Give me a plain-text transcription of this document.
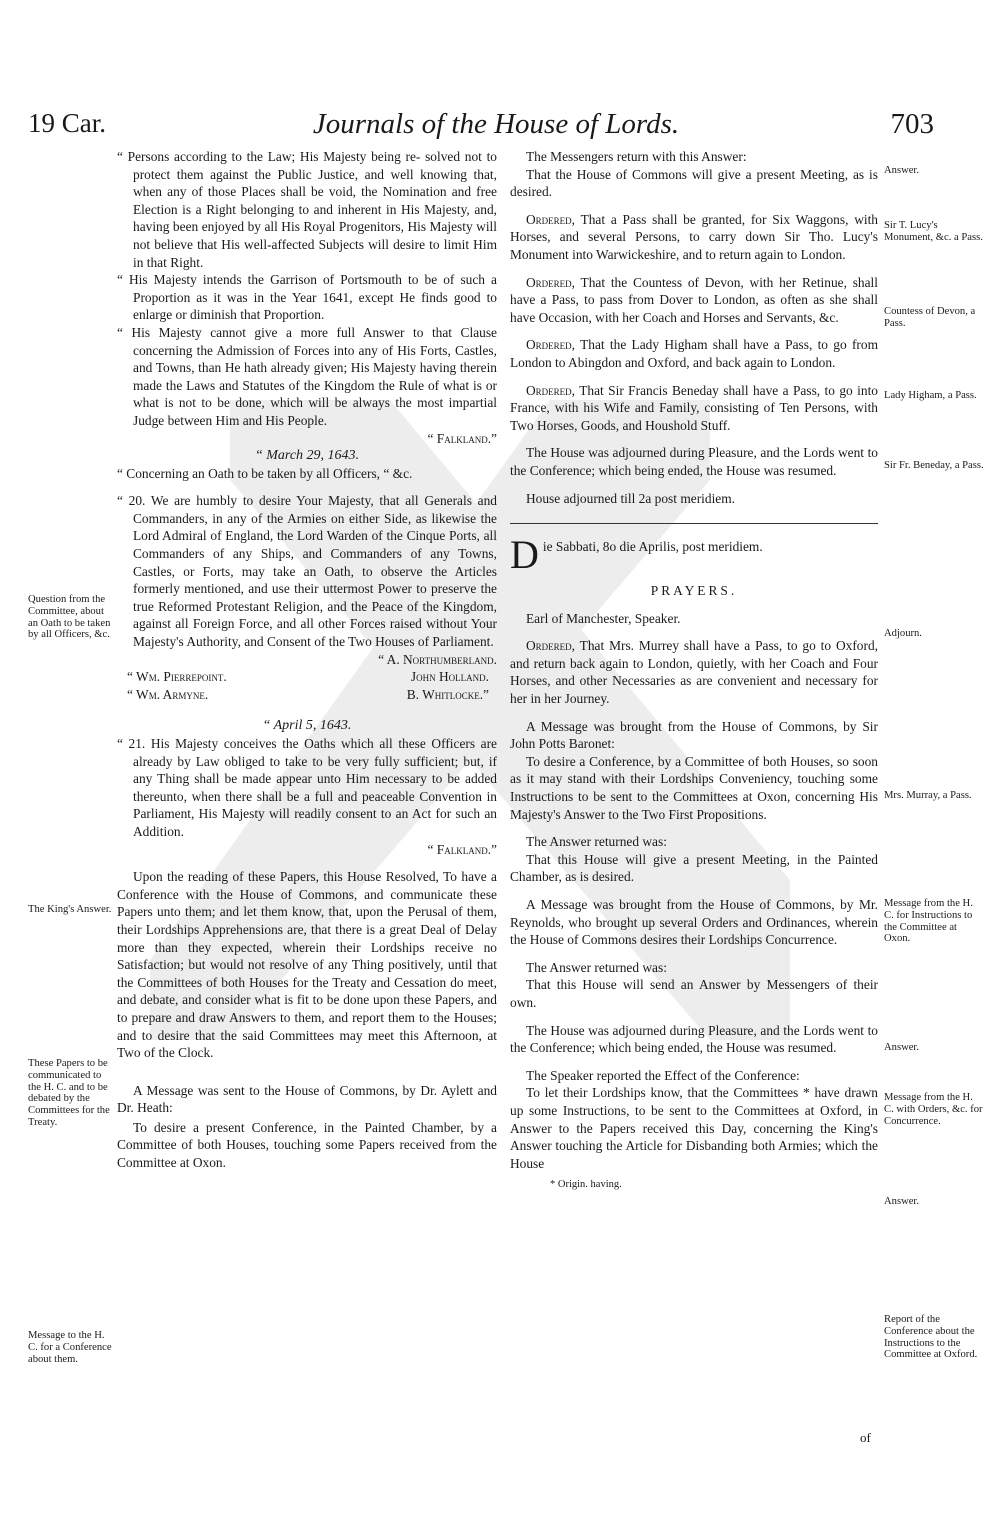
19 Car.	Journals of the House of Lords.	703

“ Persons according to the Law; His Majesty being re- solved not to protect them against the Public Justice, and well knowing that, when any of those Places shall be void, the Nomination and free Election is a Right belonging to and inherent in His Majesty, and, having been enjoyed by all His Royal Progenitors, His Majesty will not believe that His well-affected Subjects will desire to limit Him in that Right.

“ His Majesty intends the Garrison of Portsmouth to be of such a Proportion as it was in the Year 1641, except He finds good to enlarge or diminish that Proportion.

“ His Majesty cannot give a more full Answer to that Clause concerning the Admission of Forces into any of His Forts, Castles, and Towns, than He hath already given; His Majesty having therein made the Laws and Statutes of the Kingdom the Rule of what is or what is not to be done, which will be always the most impartial Judge between Him and His People.

“ Falkland.”

“ March 29, 1643.

“ Concerning an Oath to be taken by all Officers, “ &c.

“ 20. We are humbly to desire Your Majesty, that all Generals and Commanders, in any of the Armies on either Side, as likewise the Lord Admiral of England, the Lord Warden of the Cinque Ports, all Commanders of any Ships, and Commanders of any Towns, Castles, or Forts, may take an Oath, to observe the Articles formerly mentioned, and use their uttermost Power to preserve the true Reformed Protestant Religion, and the Peace of the Kingdom, against all Foreign Force, and all other Forces raised without Your Majesty's Authority, and Consent of the Two Houses of Parliament.

“ A. Northumberland.

“ Wm. Pierrepoint.	John Holland.
“ Wm. Armyne.	B. Whitlocke.”

“ April 5, 1643.

“ 21. His Majesty conceives the Oaths which all these Officers are already by Law obliged to take to be very fully sufficient; but, if any Thing shall be made appear unto Him necessary to be added thereunto, when there shall be a full and peaceable Convention in Parliament, His Majesty will readily consent to an Act for such an Addition.

“ Falkland.”

Upon the reading of these Papers, this House Resolved, To have a Conference with the House of Commons, and communicate these Papers unto them; and let them know, that, upon the Perusal of them, their Lordships Apprehensions are, that there is a great Deal of Delay more than they expected, wherein their Lordships receive no Satisfaction; but would not resolve of any Thing positively, until that the Committees of both Houses for the Treaty and Cessation do meet, and debate, and consider what is fit to be done upon these Papers, and to prepare and draw Answers to them, and report them to the Houses; and to desire that the said Committees may meet this Afternoon, at Two of the Clock.

A Message was sent to the House of Commons, by Dr. Aylett and Dr. Heath:

To desire a present Conference, in the Painted Chamber, by a Committee of both Houses, touching some Papers received from the Committee at Oxon.

The Messengers return with this Answer:

That the House of Commons will give a present Meeting, as is desired.

Ordered, That a Pass shall be granted, for Six Waggons, with Horses, and several Persons, to carry down Sir Tho. Lucy's Monument into Warwickeshire, and to return again to London.

Ordered, That the Countess of Devon, with her Retinue, shall have a Pass, to pass from Dover to London, as often as she shall have Occasion, with her Coach and Horses and Servants, &c.

Ordered, That the Lady Higham shall have a Pass, to go from London to Abingdon and Oxford, and back again to London.

Ordered, That Sir Francis Beneday shall have a Pass, to go into France, with his Wife and Family, consisting of Ten Persons, with Two Horses, Goods, and Houshold Stuff.

The House was adjourned during Pleasure, and the Lords went to the Conference; which being ended, the House was resumed.

House adjourned till 2a post meridiem.

Die Sabbati, 8o die Aprilis, post meridiem.

PRAYERS.

Earl of Manchester, Speaker.

Ordered, That Mrs. Murrey shall have a Pass, to go to Oxford, and return back again to London, quietly, with her Coach and Four Horses, and other Necessaries as are convenient and necessary for her in her Journey.

A Message was brought from the House of Commons, by Sir John Potts Baronet:

To desire a Conference, by a Committee of both Houses, so soon as it may stand with their Lordships Conveniency, touching some Instructions to be sent to the Committees at Oxon, concerning His Majesty's Answer to the Two First Propositions.

The Answer returned was:

That this House will give a present Meeting, in the Painted Chamber, as is desired.

A Message was brought from the House of Commons, by Mr. Reynolds, who brought up several Orders and Ordinances, wherein the House of Commons desires their Lordships Concurrence.

The Answer returned was:

That this House will send an Answer by Messengers of their own.

The House was adjourned during Pleasure, and the Lords went to the Conference; which being ended, the House was resumed.

The Speaker reported the Effect of the Conference:

To let their Lordships know, that the Committees * have drawn up some Instructions, to be sent to the Committees at Oxford, in Answer to the Papers received this Day, concerning the King's Answer touching the Article for Disbanding both Armies; which the House

* Origin. having.

Question from the Committee, about an Oath to be taken by all Officers, &c.
The King's Answer.
These Papers to be communicated to the H. C. and to be debated by the Committees for the Treaty.
Message to the H. C. for a Conference about them.
Answer.
Sir T. Lucy's Monument, &c. a Pass.
Countess of Devon, a Pass.
Lady Higham, a Pass.
Sir Fr. Beneday, a Pass.
Adjourn.
Mrs. Murray, a Pass.
Message from the H. C. for Instructions to the Committee at Oxon.
Answer.
Message from the H. C. with Orders, &c. for Concurrence.
Answer.
Report of the Conference about the Instructions to the Committee at Oxford.
of
